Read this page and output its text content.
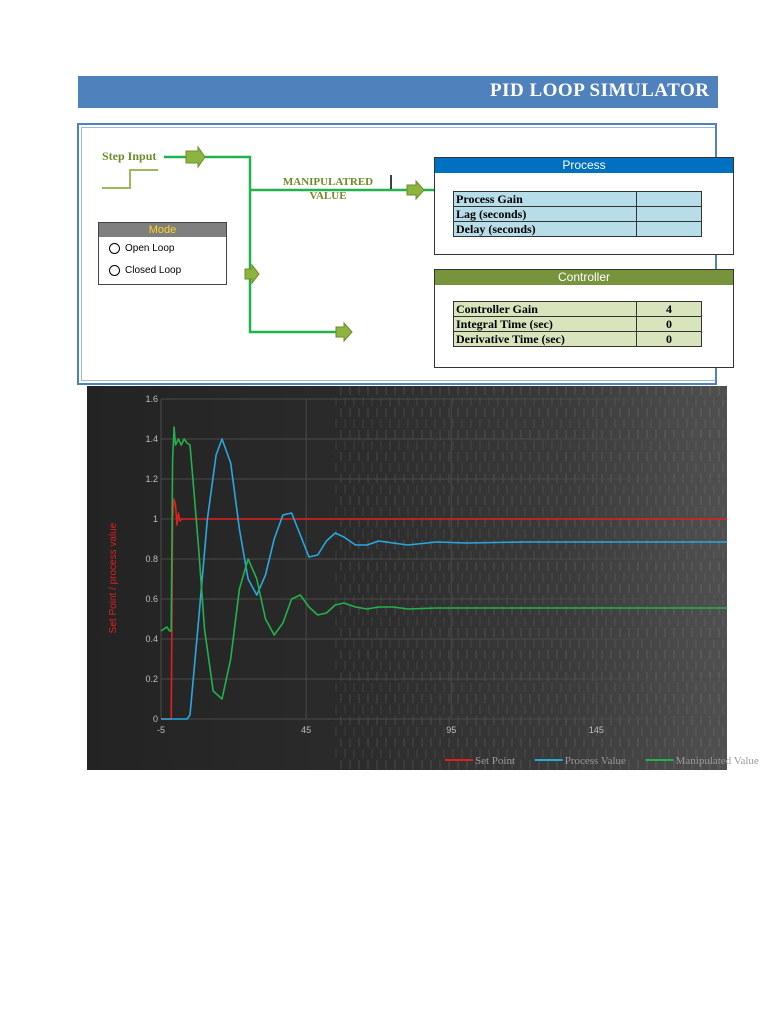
PID LOOP SIMULATOR
Step Input
MANIPULATRED
VALUE
Mode
Open Loop
Closed Loop
Process
Process Gain	
Lag (seconds)	
Delay (seconds)	
Controller
Controller Gain	4
Integral Time (sec)	0
Derivative Time (sec)	0
0
0.2
0.4
0.6
0.8
1
1.2
1.4
1.6
-5	45	95	145
Set Point / process value
Set Point	Process Value	Manipulated Value
